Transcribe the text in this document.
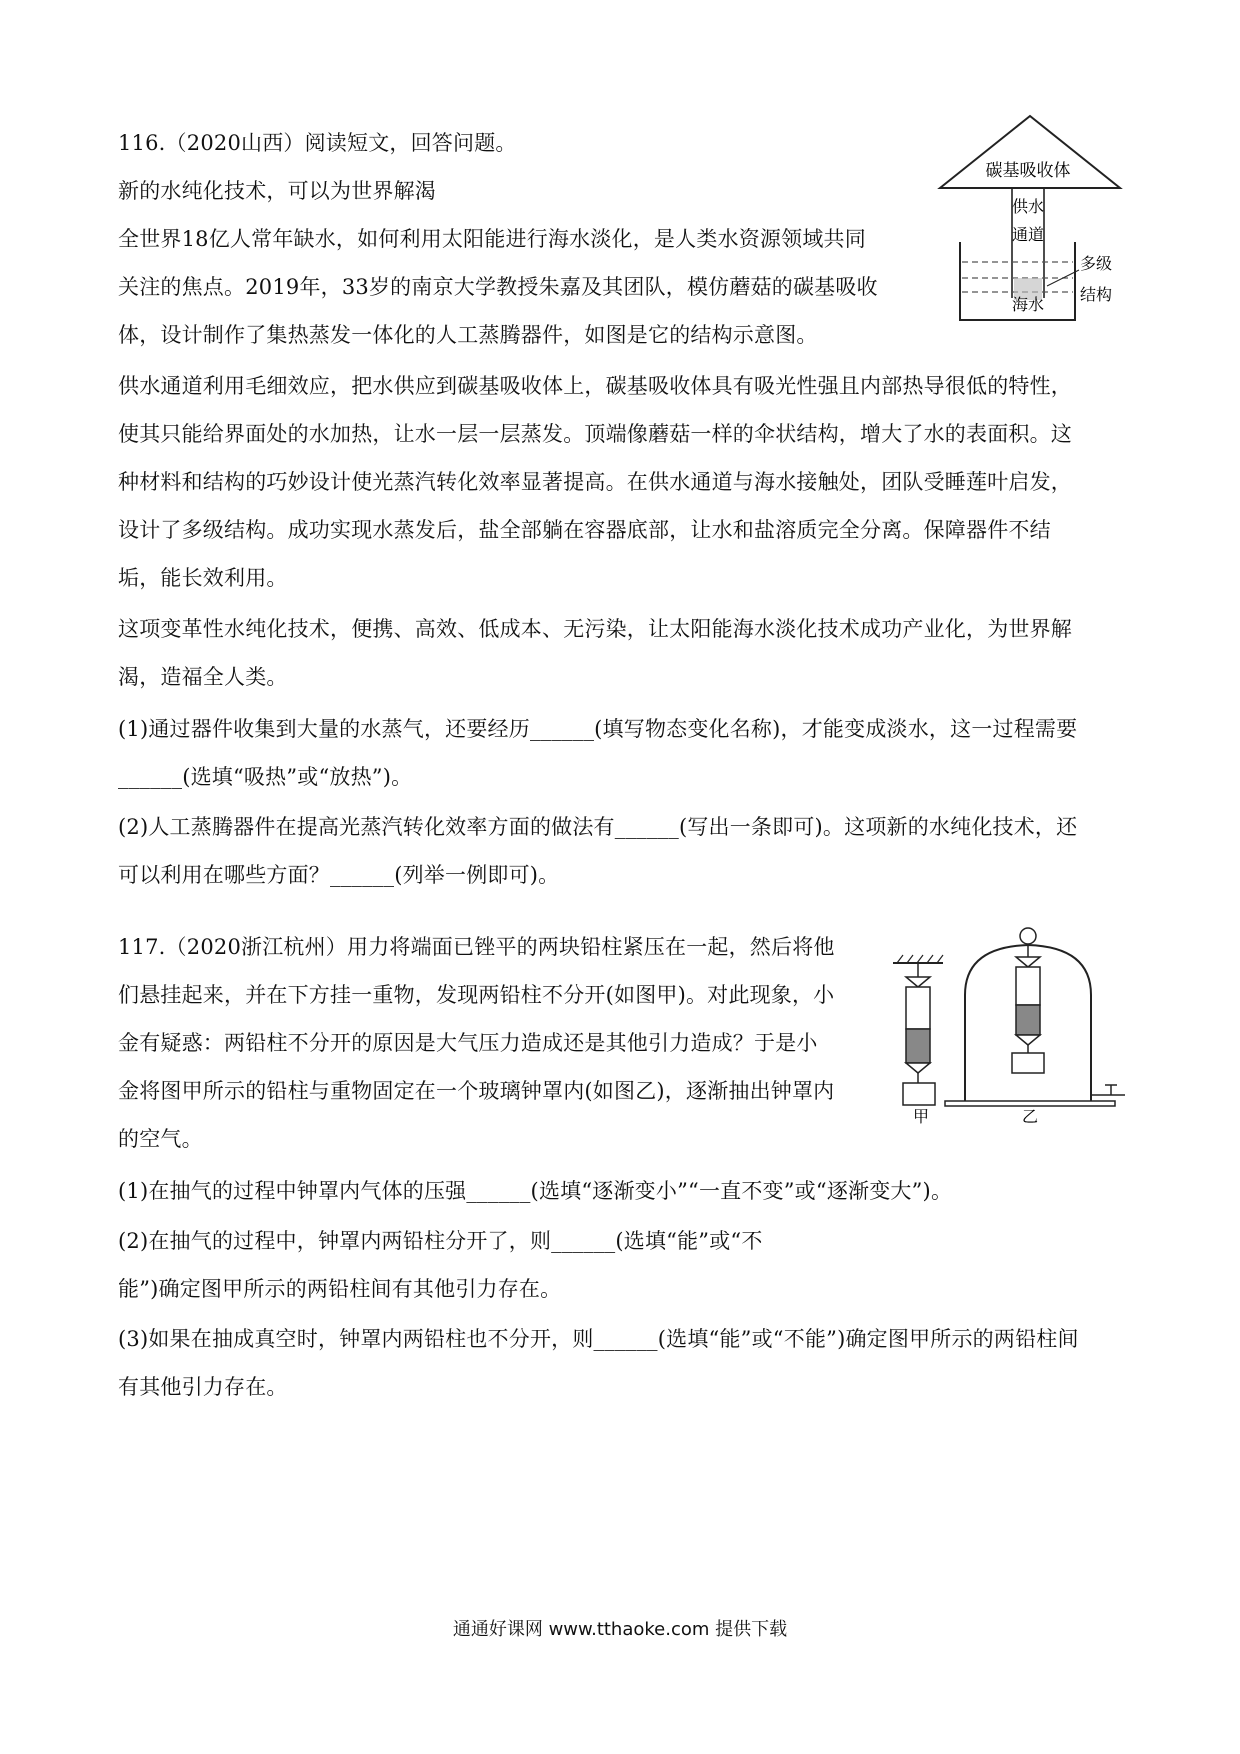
116.（2020山西）阅读短文，回答问题。
新的水纯化技术，可以为世界解渴
全世界18亿人常年缺水，如何利用太阳能进行海水淡化，是人类水资源领域共同
关注的焦点。2019年，33岁的南京大学教授朱嘉及其团队，模仿蘑菇的碳基吸收
体，设计制作了集热蒸发一体化的人工蒸腾器件，如图是它的结构示意图。
供水通道利用毛细效应，把水供应到碳基吸收体上，碳基吸收体具有吸光性强且内部热导很低的特性，
使其只能给界面处的水加热，让水一层一层蒸发。顶端像蘑菇一样的伞状结构，增大了水的表面积。这
种材料和结构的巧妙设计使光蒸汽转化效率显著提高。在供水通道与海水接触处，团队受睡莲叶启发，
设计了多级结构。成功实现水蒸发后，盐全部躺在容器底部，让水和盐溶质完全分离。保障器件不结
垢，能长效利用。
这项变革性水纯化技术，便携、高效、低成本、无污染，让太阳能海水淡化技术成功产业化，为世界解
渴，造福全人类。
(1)通过器件收集到大量的水蒸气，还要经历______(填写物态变化名称)，才能变成淡水，这一过程需要
______(选填“吸热”或“放热”)。
(2)人工蒸腾器件在提高光蒸汽转化效率方面的做法有______(写出一条即可)。这项新的水纯化技术，还
可以利用在哪些方面？______(列举一例即可)。
碳基吸收体
供水
通道
海水
多级
结构
117.（2020浙江杭州）用力将端面已锉平的两块铅柱紧压在一起，然后将他
们悬挂起来，并在下方挂一重物，发现两铅柱不分开(如图甲)。对此现象，小
金有疑惑：两铅柱不分开的原因是大气压力造成还是其他引力造成？于是小
金将图甲所示的铅柱与重物固定在一个玻璃钟罩内(如图乙)，逐渐抽出钟罩内
的空气。
(1)在抽气的过程中钟罩内气体的压强______(选填“逐渐变小”“一直不变”或“逐渐变大”)。
(2)在抽气的过程中，钟罩内两铅柱分开了，则______(选填“能”或“不
能”)确定图甲所示的两铅柱间有其他引力存在。
(3)如果在抽成真空时，钟罩内两铅柱也不分开，则______(选填“能”或“不能”)确定图甲所示的两铅柱间
有其他引力存在。
甲	乙
通通好课网 www.tthaoke.com 提供下载
